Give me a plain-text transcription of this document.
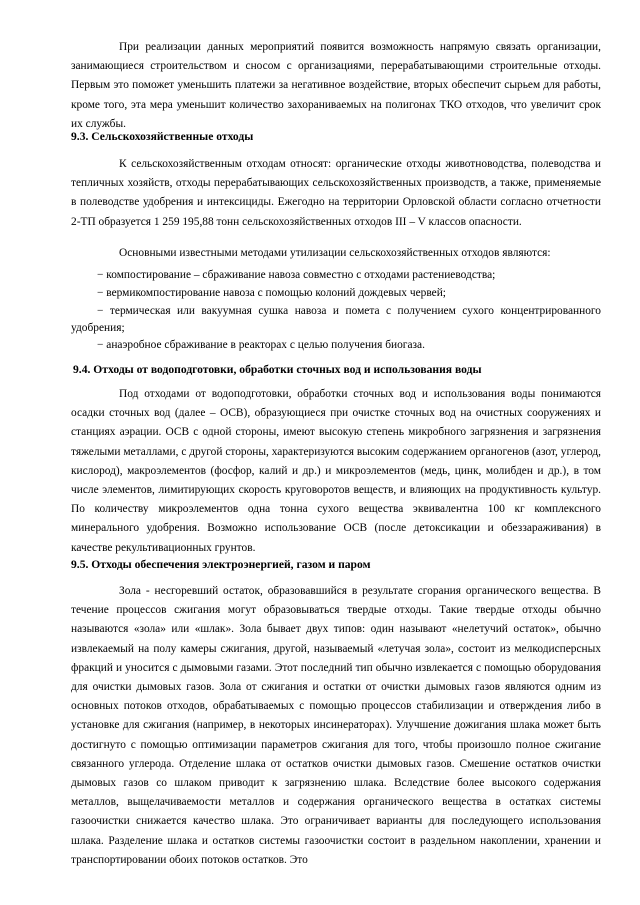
При реализации данных мероприятий появится возможность напрямую связать организации, занимающиеся строительством и сносом с организациями, перерабатывающими строительные отходы. Первым это поможет уменьшить платежи за негативное воздействие, вторых обеспечит сырьем для работы, кроме того, эта мера уменьшит количество захораниваемых на полигонах ТКО отходов, что увеличит срок их службы.

9.3. Сельскохозяйственные отходы

К сельскохозяйственным отходам относят: органические отходы животноводства, полеводства и тепличных хозяйств, отходы перерабатывающих сельскохозяйственных производств, а также, применяемые в полеводстве удобрения и интексициды. Ежегодно на территории Орловской области согласно отчетности 2-ТП образуется 1 259 195,88 тонн сельскохозяйственных отходов III – V классов опасности.

Основными известными методами утилизации сельскохозяйственных отходов являются:

− компостирование – сбраживание навоза совместно с отходами растениеводства;

− вермикомпостирование навоза с помощью колоний дождевых червей;

− термическая или вакуумная сушка навоза и помета с получением сухого концентрированного удобрения;

− анаэробное сбраживание в реакторах с целью получения биогаза.

9.4. Отходы от водоподготовки, обработки сточных вод и использования воды

Под отходами от водоподготовки, обработки сточных вод и использования воды понимаются осадки сточных вод (далее – ОСВ), образующиеся при очистке сточных вод на очистных сооружениях и станциях аэрации. ОСВ с одной стороны, имеют высокую степень микробного загрязнения и загрязнения тяжелыми металлами, с другой стороны, характеризуются высоким содержанием органогенов (азот, углерод, кислород), макроэлементов (фосфор, калий и др.) и микроэлементов (медь, цинк, молибден и др.), в том числе элементов, лимитирующих скорость круговоротов веществ, и влияющих на продуктивность культур. По количеству микроэлементов одна тонна сухого вещества эквивалентна 100 кг комплексного минерального удобрения. Возможно использование ОСВ (после детоксикации и обеззараживания) в качестве рекультивационных грунтов.

9.5. Отходы обеспечения электроэнергией, газом и паром

Зола - несгоревший остаток, образовавшийся в результате сгорания органического вещества. В течение процессов сжигания могут образовываться твердые отходы. Такие твердые отходы обычно называются «зола» или «шлак». Зола бывает двух типов: один называют «нелетучий остаток», обычно извлекаемый на полу камеры сжигания, другой, называемый «летучая зола», состоит из мелкодисперсных фракций и уносится с дымовыми газами. Этот последний тип обычно извлекается с помощью оборудования для очистки дымовых газов. Зола от сжигания и остатки от очистки дымовых газов являются одним из основных потоков отходов, обрабатываемых с помощью процессов стабилизации и отверждения либо в установке для сжигания (например, в некоторых инсинераторах). Улучшение дожигания шлака может быть достигнуто с помощью оптимизации параметров сжигания для того, чтобы произошло полное сжигание связанного углерода. Отделение шлака от остатков очистки дымовых газов. Смешение остатков очистки дымовых газов со шлаком приводит к загрязнению шлака. Вследствие более высокого содержания металлов, выщелачиваемости металлов и содержания органического вещества в остатках системы газоочистки снижается качество шлака. Это ограничивает варианты для последующего использования шлака. Разделение шлака и остатков системы газоочистки состоит в раздельном накоплении, хранении и транспортировании обоих потоков остатков. Это
